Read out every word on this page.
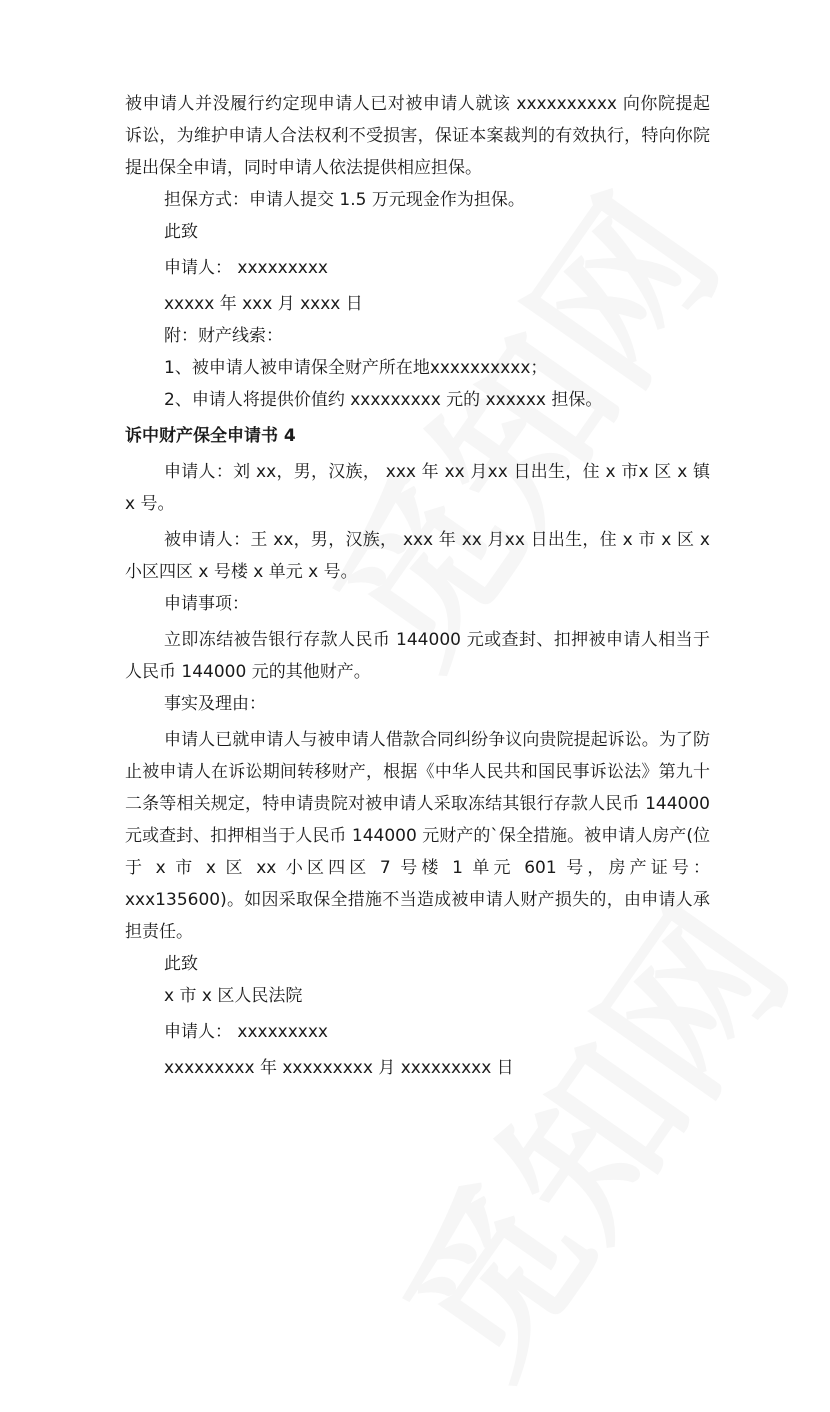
被申请人并没履行约定现申请人已对被申请人就该 xxxxxxxxxx 向你院提起诉讼，为维护申请人合法权利不受损害，保证本案裁判的有效执行，特向你院提出保全申请，同时申请人依法提供相应担保。

担保方式：申请人提交 1.5 万元现金作为担保。

此致

申请人： xxxxxxxxx

xxxxx 年 xxx 月 xxxx 日

附：财产线索：

1、被申请人被申请保全财产所在地xxxxxxxxxx；

2、申请人将提供价值约 xxxxxxxxx 元的 xxxxxx 担保。

诉中财产保全申请书 4

申请人：刘 xx，男，汉族， xxx 年 xx 月xx 日出生，住 x 市x 区 x 镇 x 号。

被申请人：王 xx，男，汉族， xxx 年 xx 月xx 日出生，住 x 市 x 区 x 小区四区 x 号楼 x 单元 x 号。

申请事项：

立即冻结被告银行存款人民币 144000 元或查封、扣押被申请人相当于人民币 144000 元的其他财产。

事实及理由：

申请人已就申请人与被申请人借款合同纠纷争议向贵院提起诉讼。为了防止被申请人在诉讼期间转移财产，根据《中华人民共和国民事诉讼法》第九十二条等相关规定，特申请贵院对被申请人采取冻结其银行存款人民币 144000 元或查封、扣押相当于人民币 144000 元财产的`保全措施。被申请人房产(位于 x 市 x 区 xx 小区四区 7 号楼 1 单元 601 号，房产证号： xxx135600)。如因采取保全措施不当造成被申请人财产损失的，由申请人承担责任。

此致

x 市 x 区人民法院

申请人： xxxxxxxxx

xxxxxxxxx 年 xxxxxxxxx 月 xxxxxxxxx 日
